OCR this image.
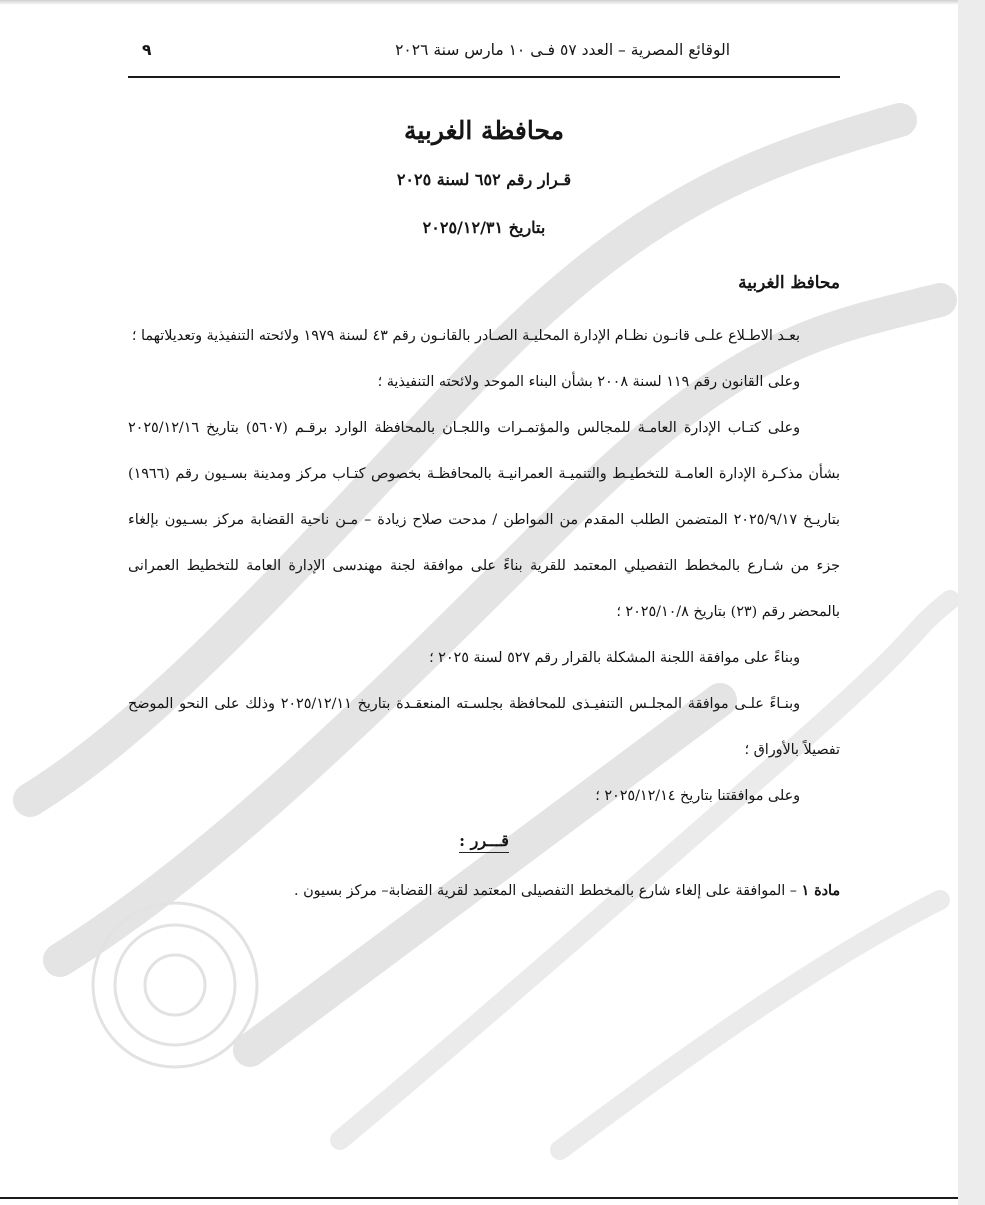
الوقائع المصرية – العدد ٥٧ فـى ١٠ مارس سنة ٢٠٢٦
٩

محافظة الغربية

قـرار رقم ٦٥٢ لسنة ٢٠٢٥

بتاريخ ٢٠٢٥/١٢/٣١

محافظ الغربية

بعـد الاطـلاع علـى قانـون نظـام الإدارة المحليـة الصـادر بالقانـون رقم ٤٣ لسنة ١٩٧٩ ولائحته التنفيذية وتعديلاتهما ؛

وعلى القانون رقم ١١٩ لسنة ٢٠٠٨ بشأن البناء الموحد ولائحته التنفيذية ؛

وعلى كتـاب الإدارة العامـة للمجالس والمؤتمـرات واللجـان بالمحافظة الوارد برقـم (٥٦٠٧) بتاريخ ٢٠٢٥/١٢/١٦ بشأن مذكـرة الإدارة العامـة للتخطيـط والتنميـة العمرانيـة بالمحافظـة بخصوص كتـاب مركز ومدينة بسـيون رقم (١٩٦٦) بتاريـخ ٢٠٢٥/٩/١٧ المتضمن الطلب المقدم من المواطن / مدحت صلاح زيادة – مـن ناحية القضابة مركز بسـيون بإلغاء جزء من شـارع بالمخطط التفصيلي المعتمد للقرية بناءً على موافقة لجنة مهندسى الإدارة العامة للتخطيط العمرانى بالمحضر رقم (٢٣) بتاريخ ٢٠٢٥/١٠/٨ ؛

وبناءً على موافقة اللجنة المشكلة بالقرار رقم ٥٢٧ لسنة ٢٠٢٥ ؛

وبنـاءً علـى موافقة المجلـس التنفيـذى للمحافظة بجلسـته المنعقـدة بتاريخ ٢٠٢٥/١٢/١١ وذلك على النحو الموضح تفصيلاً بالأوراق ؛

وعلى موافقتنا بتاريخ ٢٠٢٥/١٢/١٤ ؛

قـــرر :

مادة ١ – الموافقة على إلغاء شارع بالمخطط التفصيلى المعتمد لقرية القضابة– مركز بسيون .
